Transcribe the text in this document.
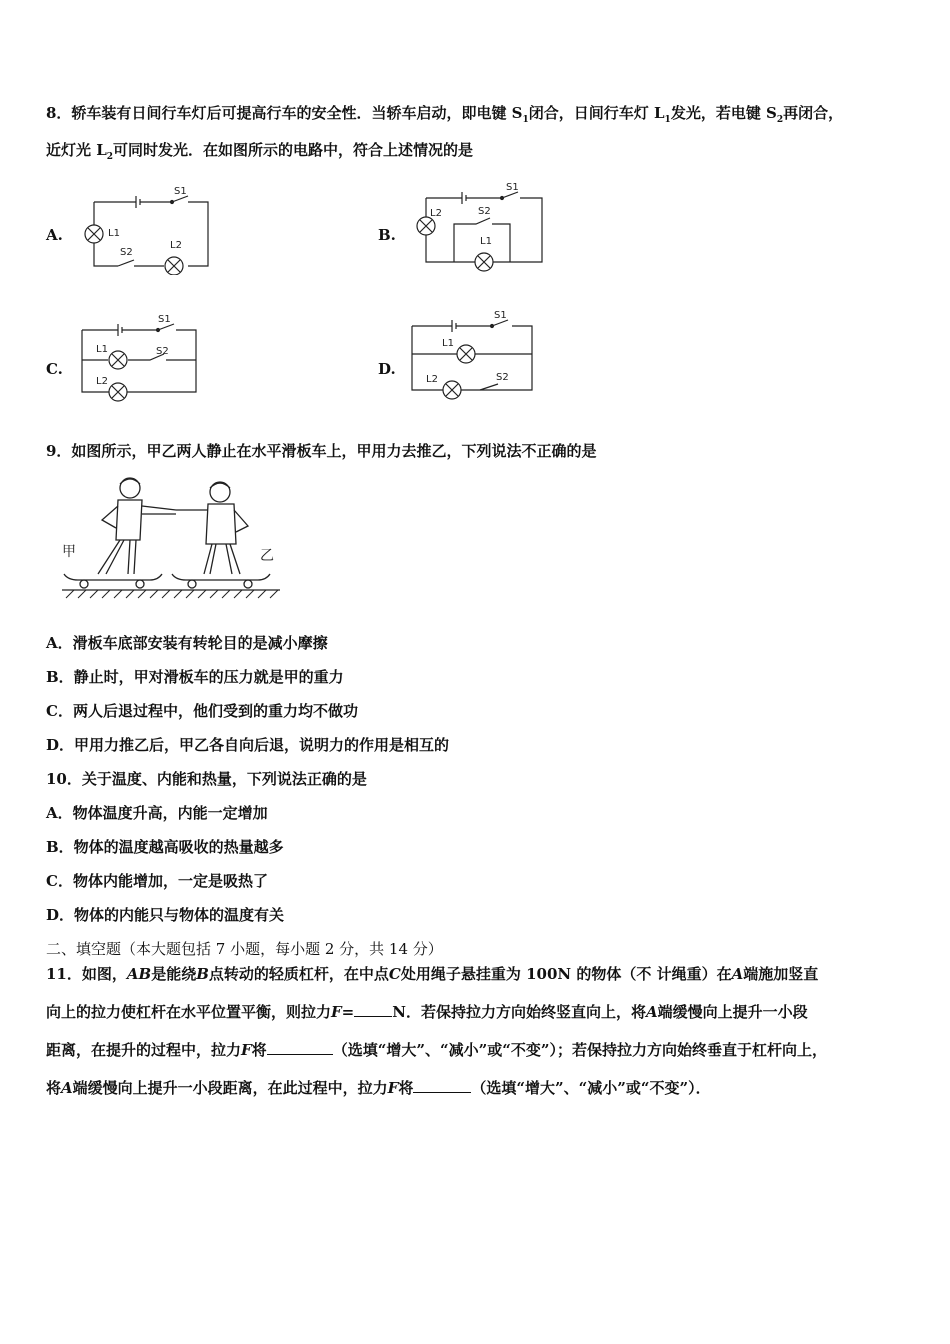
8．轿车装有日间行车灯后可提高行车的安全性．当轿车启动，即电键 $S_1$闭合，日间行车灯 $L_1$发光，若电键 $S_2$再闭合，
近灯光 $L_2$可同时发光．在如图所示的电路中，符合上述情况的是
A.	B.
C.	D.
S1
L1
S2
L2
S1
L2	S2
L1
S1
L1	S2
L2
S1
L1
L2	S2
9．如图所示，甲乙两人静止在水平滑板车上，甲用力去推乙，下列说法不正确的是
甲	乙
A．滑板车底部安装有转轮目的是减小摩擦
B．静止时，甲对滑板车的压力就是甲的重力
C．两人后退过程中，他们受到的重力均不做功
D．甲用力推乙后，甲乙各自向后退，说明力的作用是相互的
10．关于温度、内能和热量，下列说法正确的是
A．物体温度升高，内能一定增加
B．物体的温度越高吸收的热量越多
C．物体内能增加，一定是吸热了
D．物体的内能只与物体的温度有关
二、填空题（本大题包括 7 小题，每小题 2 分，共 14 分）
11．如图，AB是能绕B点转动的轻质杠杆，在中点C处用绳子悬挂重为 100N 的物体（不 计绳重）在A端施加竖直
向上的拉力使杠杆在水平位置平衡，则拉力F=	N．若保持拉力方向始终竖直向上，将A端缓慢向上提升一小段
距离，在提升的过程中，拉力F将	（选填“增大”、“减小”或“不变”）；若保持拉力方向始终垂直于杠杆向上，
将A端缓慢向上提升一小段距离，在此过程中，拉力F将	（选填“增大”、“减小”或“不变”）．
